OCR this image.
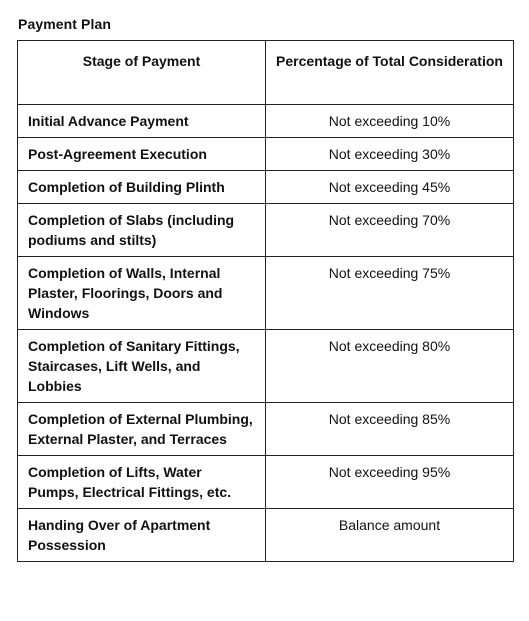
Payment Plan
Stage of Payment	Percentage of Total Consideration
Initial Advance Payment	Not exceeding 10%
Post-Agreement Execution	Not exceeding 30%
Completion of Building Plinth	Not exceeding 45%
Completion of Slabs (including podiums and stilts)	Not exceeding 70%
Completion of Walls, Internal Plaster, Floorings, Doors and Windows	Not exceeding 75%
Completion of Sanitary Fittings, Staircases, Lift Wells, and Lobbies	Not exceeding 80%
Completion of External Plumbing, External Plaster, and Terraces	Not exceeding 85%
Completion of Lifts, Water Pumps, Electrical Fittings, etc.	Not exceeding 95%
Handing Over of Apartment Possession	Balance amount
